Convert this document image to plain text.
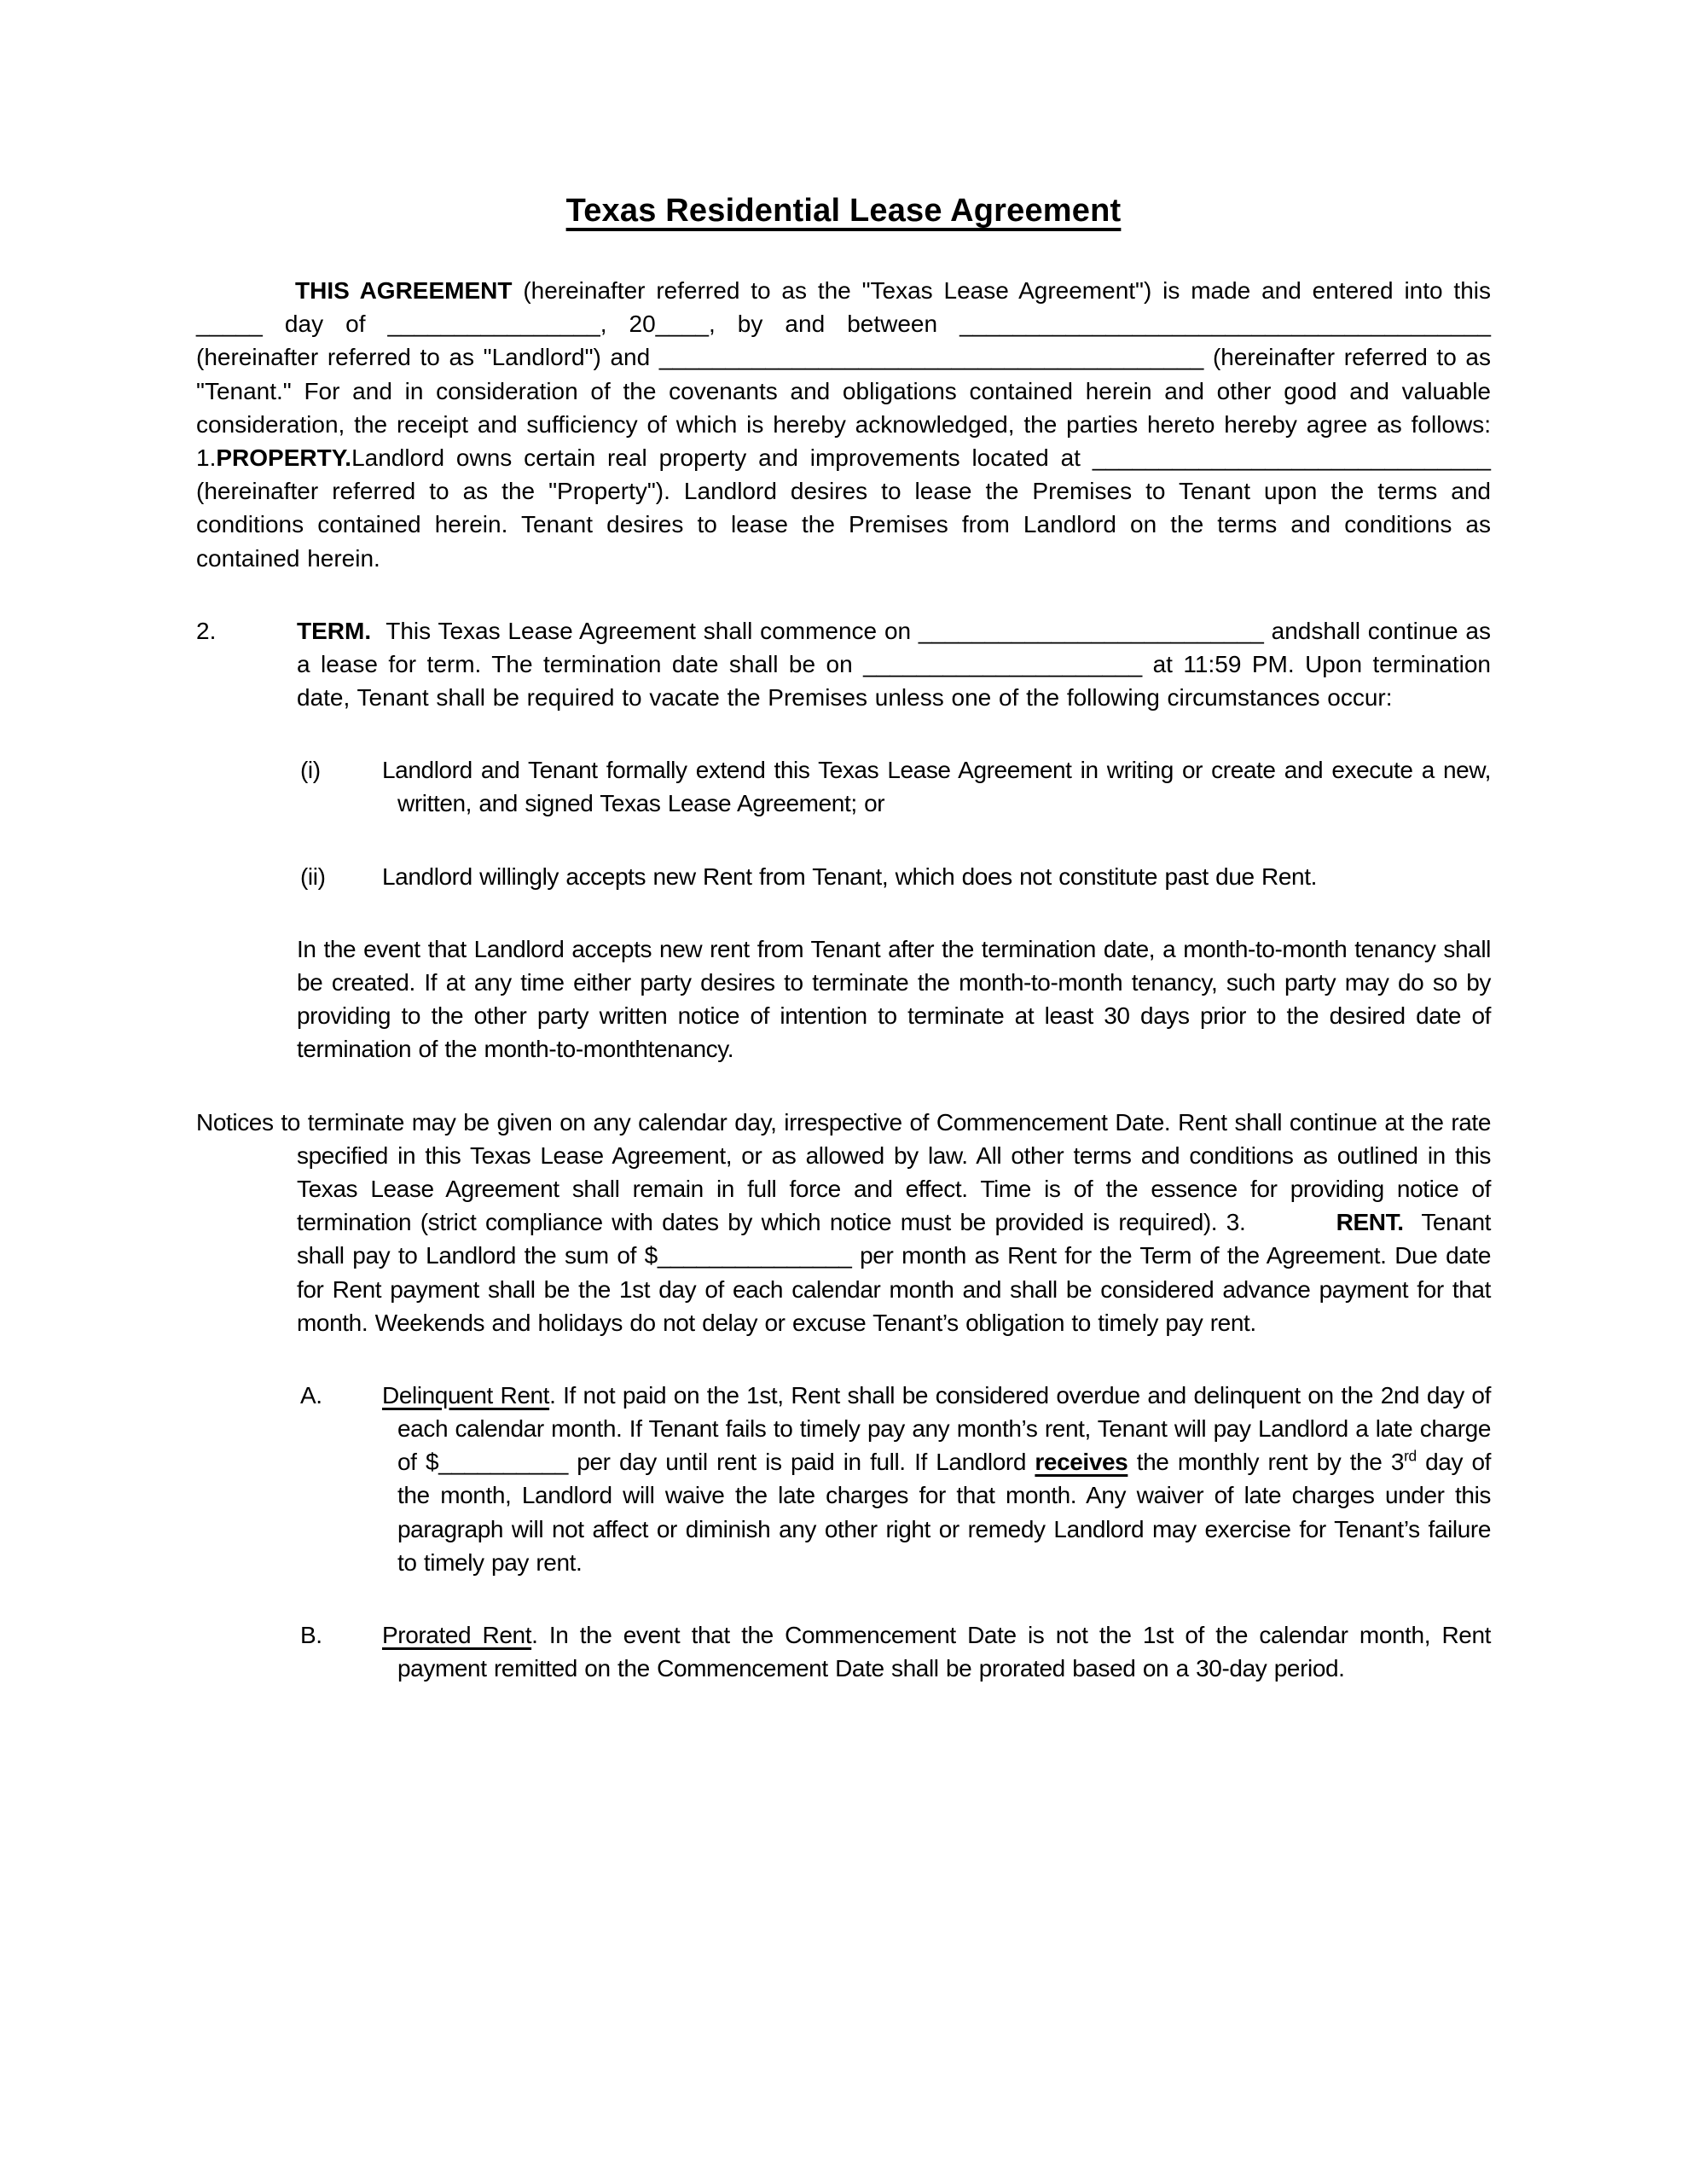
Texas Residential Lease Agreement

THIS AGREEMENT (hereinafter referred to as the "Texas Lease Agreement") is made and entered into this _____ day of ________________, 20____, by and between ________________________________________ (hereinafter referred to as "Landlord") and _________________________________________ (hereinafter referred to as "Tenant." For and in consideration of the covenants and obligations contained herein and other good and valuable consideration, the receipt and sufficiency of which is hereby acknowledged, the parties hereto hereby agree as follows: 1.PROPERTY.Landlord owns certain real property and improvements located at ______________________________ (hereinafter referred to as the "Property"). Landlord desires to lease the Premises to Tenant upon the terms and conditions contained herein. Tenant desires to lease the Premises from Landlord on the terms and conditions as contained herein.

2.	TERM.  This Texas Lease Agreement shall commence on __________________________ andshall continue as a lease for term. The termination date shall be on _____________________ at 11:59 PM. Upon termination date, Tenant shall be required to vacate the Premises unless one of the following circumstances occur:

(i)	Landlord and Tenant formally extend this Texas Lease Agreement in writing or create and execute a new, written, and signed Texas Lease Agreement; or

(ii) Landlord willingly accepts new Rent from Tenant, which does not constitute past due Rent.

In the event that Landlord accepts new rent from Tenant after the termination date, a month-to-month tenancy shall be created. If at any time either party desires to terminate the month-to-month tenancy, such party may do so by providing to the other party written notice of intention to terminate at least 30 days prior to the desired date of termination of the month-to-monthtenancy.

Notices to terminate may be given on any calendar day, irrespective of Commencement Date. Rent shall continue at the rate specified in this Texas Lease Agreement, or as allowed by law. All other terms and conditions as outlined in this Texas Lease Agreement shall remain in full force and effect. Time is of the essence for providing notice of termination (strict compliance with dates by which notice must be provided is required). 3.	RENT.  Tenant shall pay to Landlord the sum of $_______________ per month as Rent for the Term of the Agreement. Due date for Rent payment shall be the 1st day of each calendar month and shall be considered advance payment for that month. Weekends and holidays do not delay or excuse Tenant’s obligation to timely pay rent.

A.	Delinquent Rent. If not paid on the 1st, Rent shall be considered overdue and delinquent on the 2nd day of each calendar month. If Tenant fails to timely pay any month’s rent, Tenant will pay Landlord a late charge of $__________ per day until rent is paid in full. If Landlord receives the monthly rent by the 3rd day of the month, Landlord will waive the late charges for that month. Any waiver of late charges under this paragraph will not affect or diminish any other right or remedy Landlord may exercise for Tenant’s failure to timely pay rent.

B.	Prorated Rent. In the event that the Commencement Date is not the 1st of the calendar month, Rent payment remitted on the Commencement Date shall be prorated based on a 30-day period.
